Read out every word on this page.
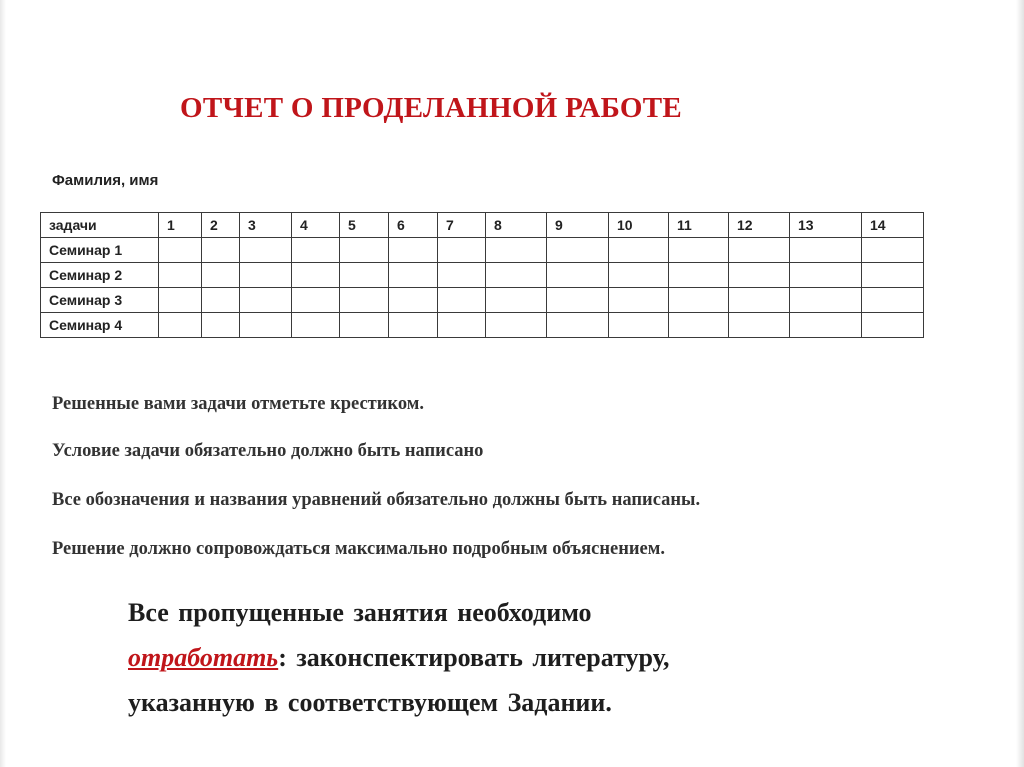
ОТЧЕТ О ПРОДЕЛАННОЙ РАБОТЕ
Фамилия, имя
задачи	1	2	3	4	5	6	7	8	9	10	11	12	13	14
Семинар 1														
Семинар 2														
Семинар 3														
Семинар 4														
Решенные вами задачи отметьте крестиком.
Условие задачи обязательно должно быть написано
Все обозначения и названия уравнений обязательно должны быть написаны.
Решение должно сопровождаться максимально подробным объяснением.
Все пропущенные занятия необходимо
отработать: законспектировать литературу,
указанную в соответствующем Задании.
